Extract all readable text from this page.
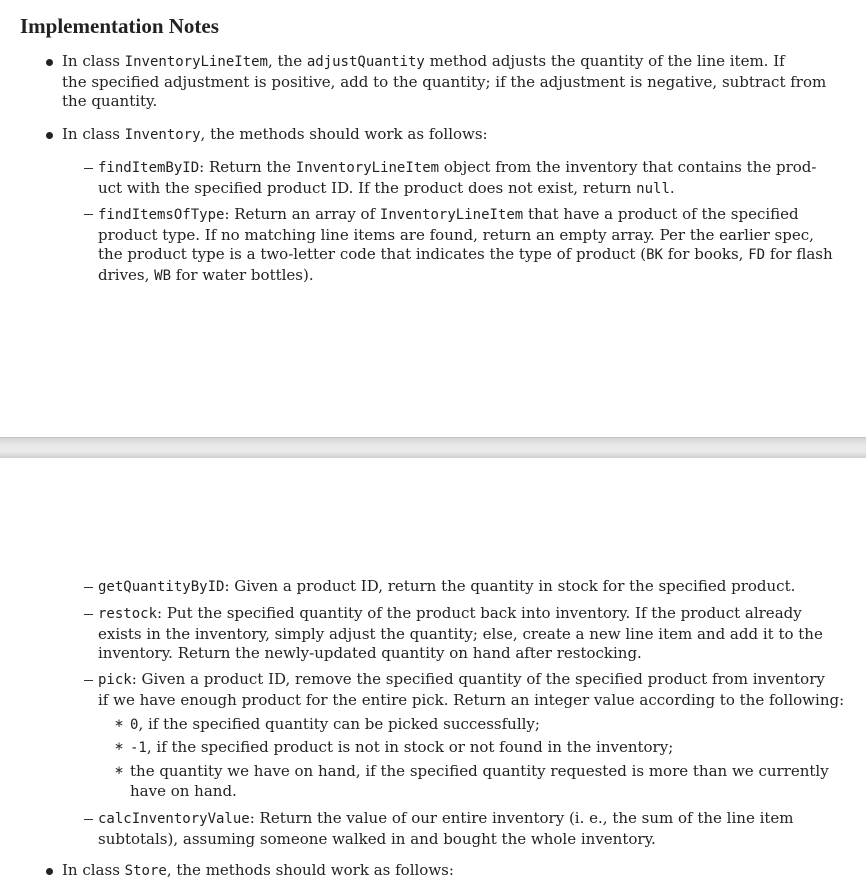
Implementation Notes
In class InventoryLineItem, the adjustQuantity method adjusts the quantity of the line item. If
the specified adjustment is positive, add to the quantity; if the adjustment is negative, subtract from
the quantity.
In class Inventory, the methods should work as follows:
findItemByID: Return the InventoryLineItem object from the inventory that contains the prod-
uct with the specified product ID. If the product does not exist, return null.
findItemsOfType: Return an array of InventoryLineItem that have a product of the specified
product type. If no matching line items are found, return an empty array. Per the earlier spec,
the product type is a two-letter code that indicates the type of product (BK for books, FD for flash
drives, WB for water bottles).
getQuantityByID: Given a product ID, return the quantity in stock for the specified product.
restock: Put the specified quantity of the product back into inventory. If the product already
exists in the inventory, simply adjust the quantity; else, create a new line item and add it to the
inventory. Return the newly-updated quantity on hand after restocking.
pick: Given a product ID, remove the specified quantity of the specified product from inventory
if we have enough product for the entire pick. Return an integer value according to the following:
∗ 0, if the specified quantity can be picked successfully;
∗ -1, if the specified product is not in stock or not found in the inventory;
∗ the quantity we have on hand, if the specified quantity requested is more than we currently
have on hand.
calcInventoryValue: Return the value of our entire inventory (i. e., the sum of the line item
subtotals), assuming someone walked in and bought the whole inventory.
In class Store, the methods should work as follows:
